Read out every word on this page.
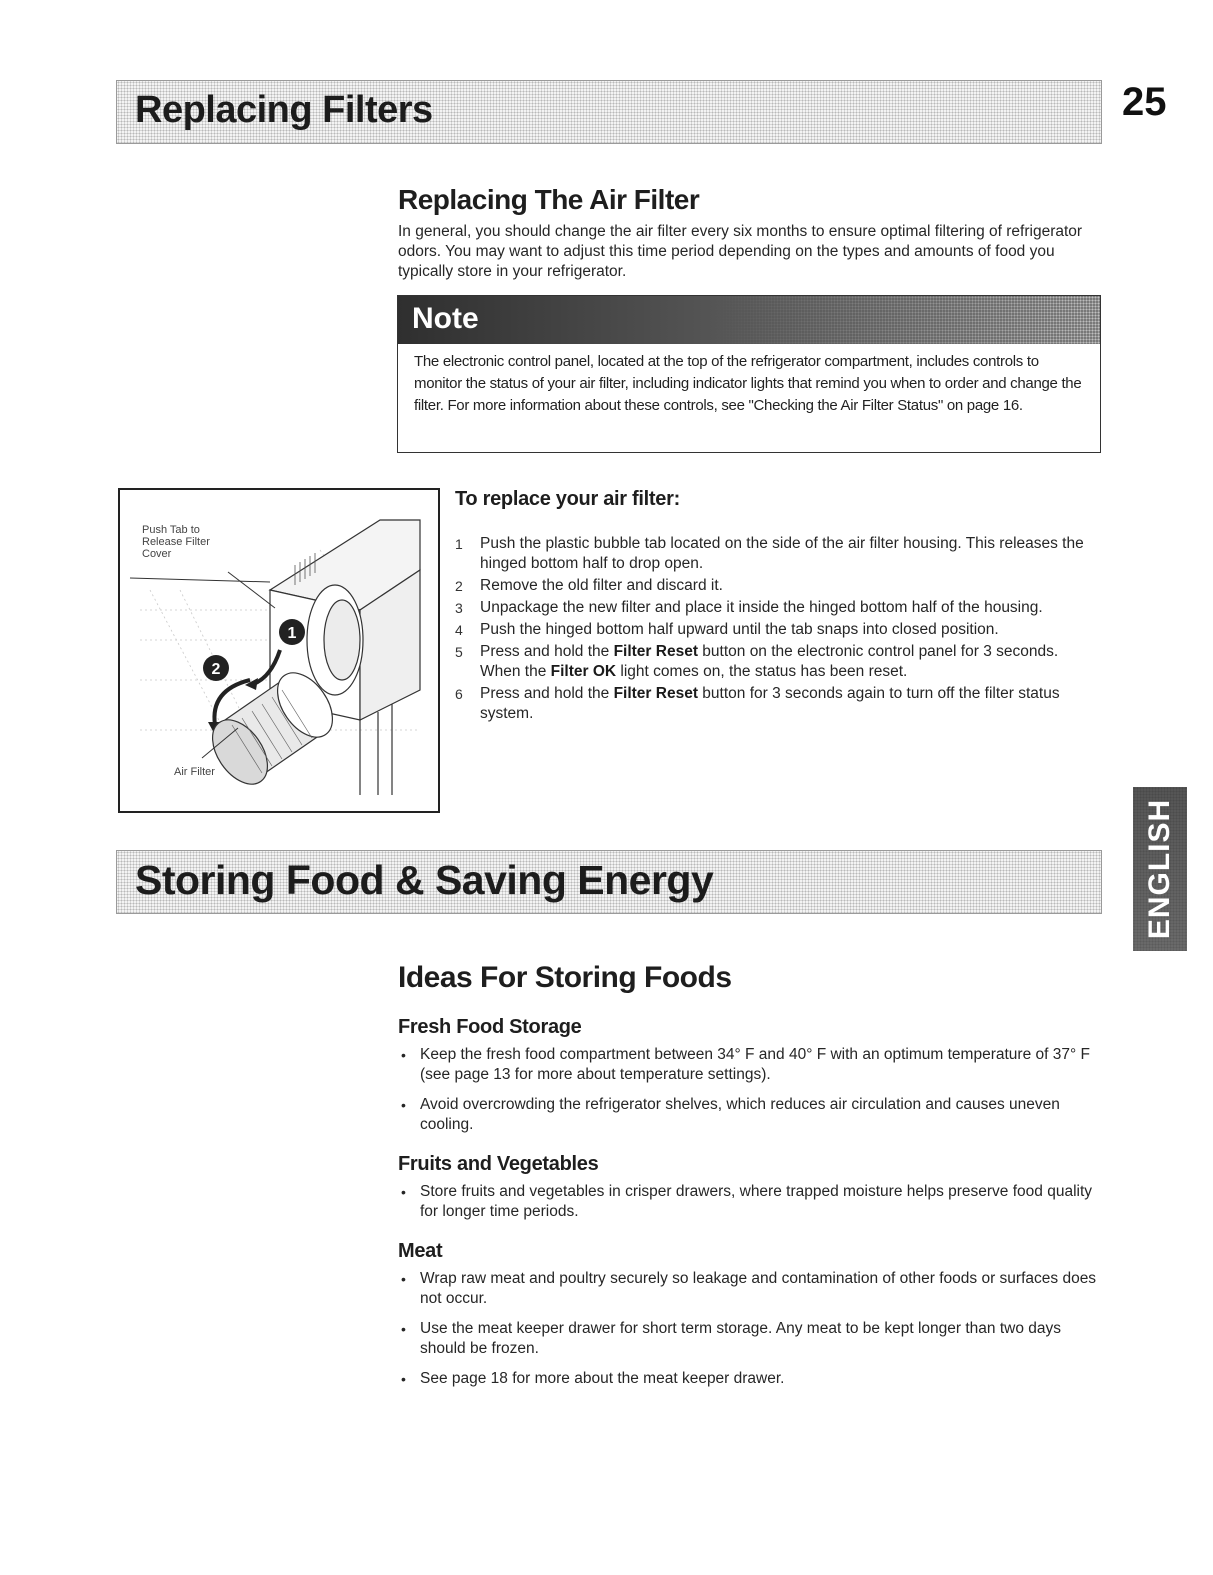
Replacing Filters	25
Replacing The Air Filter

In general, you should change the air filter every six months to ensure optimal filtering of refrigerator odors. You may want to adjust this time period depending on the types and amounts of food you typically store in your refrigerator.

Note

The electronic control panel, located at the top of the refrigerator compartment, includes controls to monitor the status of your air filter, including indicator lights that remind you when to order and change the filter. For more information about these controls, see "Checking the Air Filter Status" on page 16.

1
2
Push Tab to Release Filter Cover
Air Filter
To replace your air filter:
1 Push the plastic bubble tab located on the side of the air filter housing. This releases the hinged bottom half to drop open.
2 Remove the old filter and discard it.
3 Unpackage the new filter and place it inside the hinged bottom half of the housing.
4 Push the hinged bottom half upward until the tab snaps into closed position.
5 Press and hold the Filter Reset button on the electronic control panel for 3 seconds. When the Filter OK light comes on, the status has been reset.
6 Press and hold the Filter Reset button for 3 seconds again to turn off the filter status system.
ENGLISH
Storing Food & Saving Energy
Ideas For Storing Foods
Fresh Food Storage
• Keep the fresh food compartment between 34° F and 40° F with an optimum temperature of 37° F (see page 13 for more about temperature settings).
• Avoid overcrowding the refrigerator shelves, which reduces air circulation and causes uneven cooling.
Fruits and Vegetables
• Store fruits and vegetables in crisper drawers, where trapped moisture helps preserve food quality for longer time periods.
Meat
• Wrap raw meat and poultry securely so leakage and contamination of other foods or surfaces does not occur.
• Use the meat keeper drawer for short term storage. Any meat to be kept longer than two days should be frozen.
• See page 18 for more about the meat keeper drawer.
